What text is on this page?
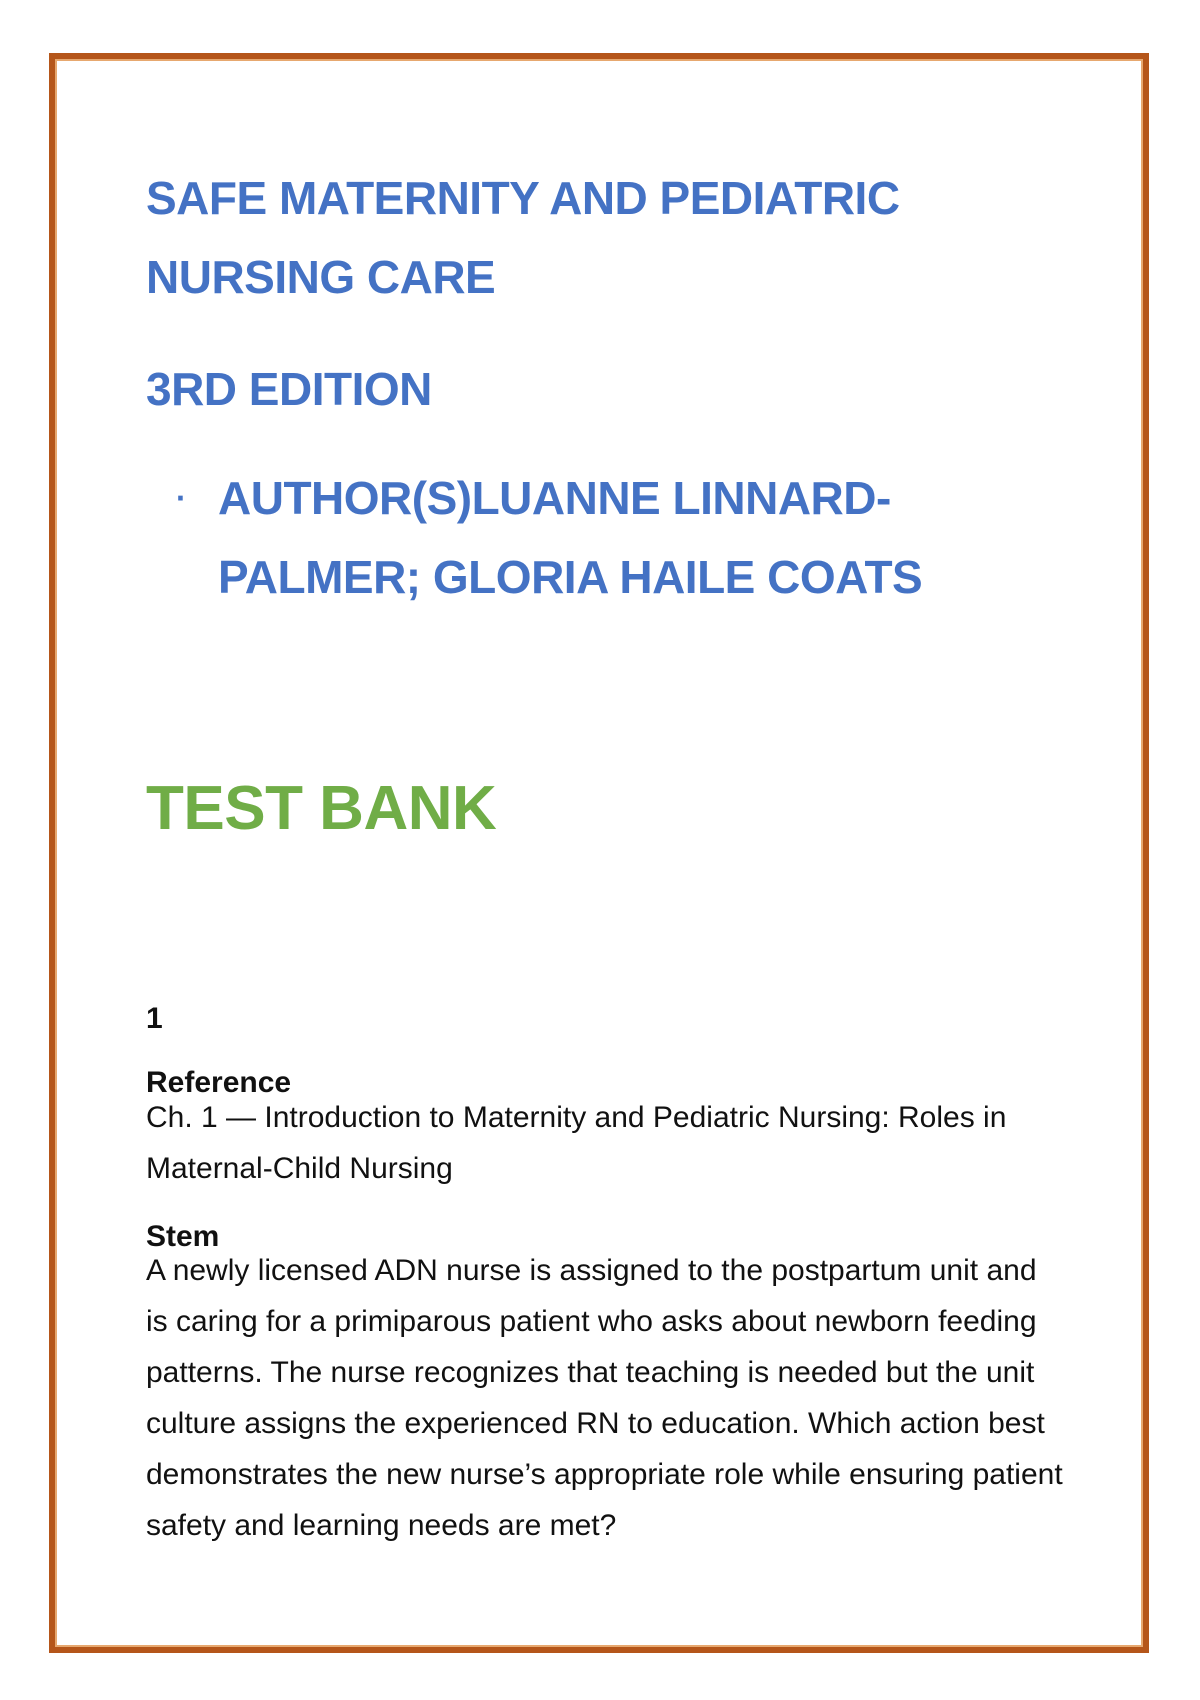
SAFE MATERNITY AND PEDIATRIC NURSING CARE
3RD EDITION
· AUTHOR(S)LUANNE LINNARD-PALMER; GLORIA HAILE COATS

TEST BANK

1

Reference

Ch. 1 — Introduction to Maternity and Pediatric Nursing: Roles in Maternal-Child Nursing

Stem

A newly licensed ADN nurse is assigned to the postpartum unit and is caring for a primiparous patient who asks about newborn feeding patterns. The nurse recognizes that teaching is needed but the unit culture assigns the experienced RN to education. Which action best demonstrates the new nurse’s appropriate role while ensuring patient safety and learning needs are met?
